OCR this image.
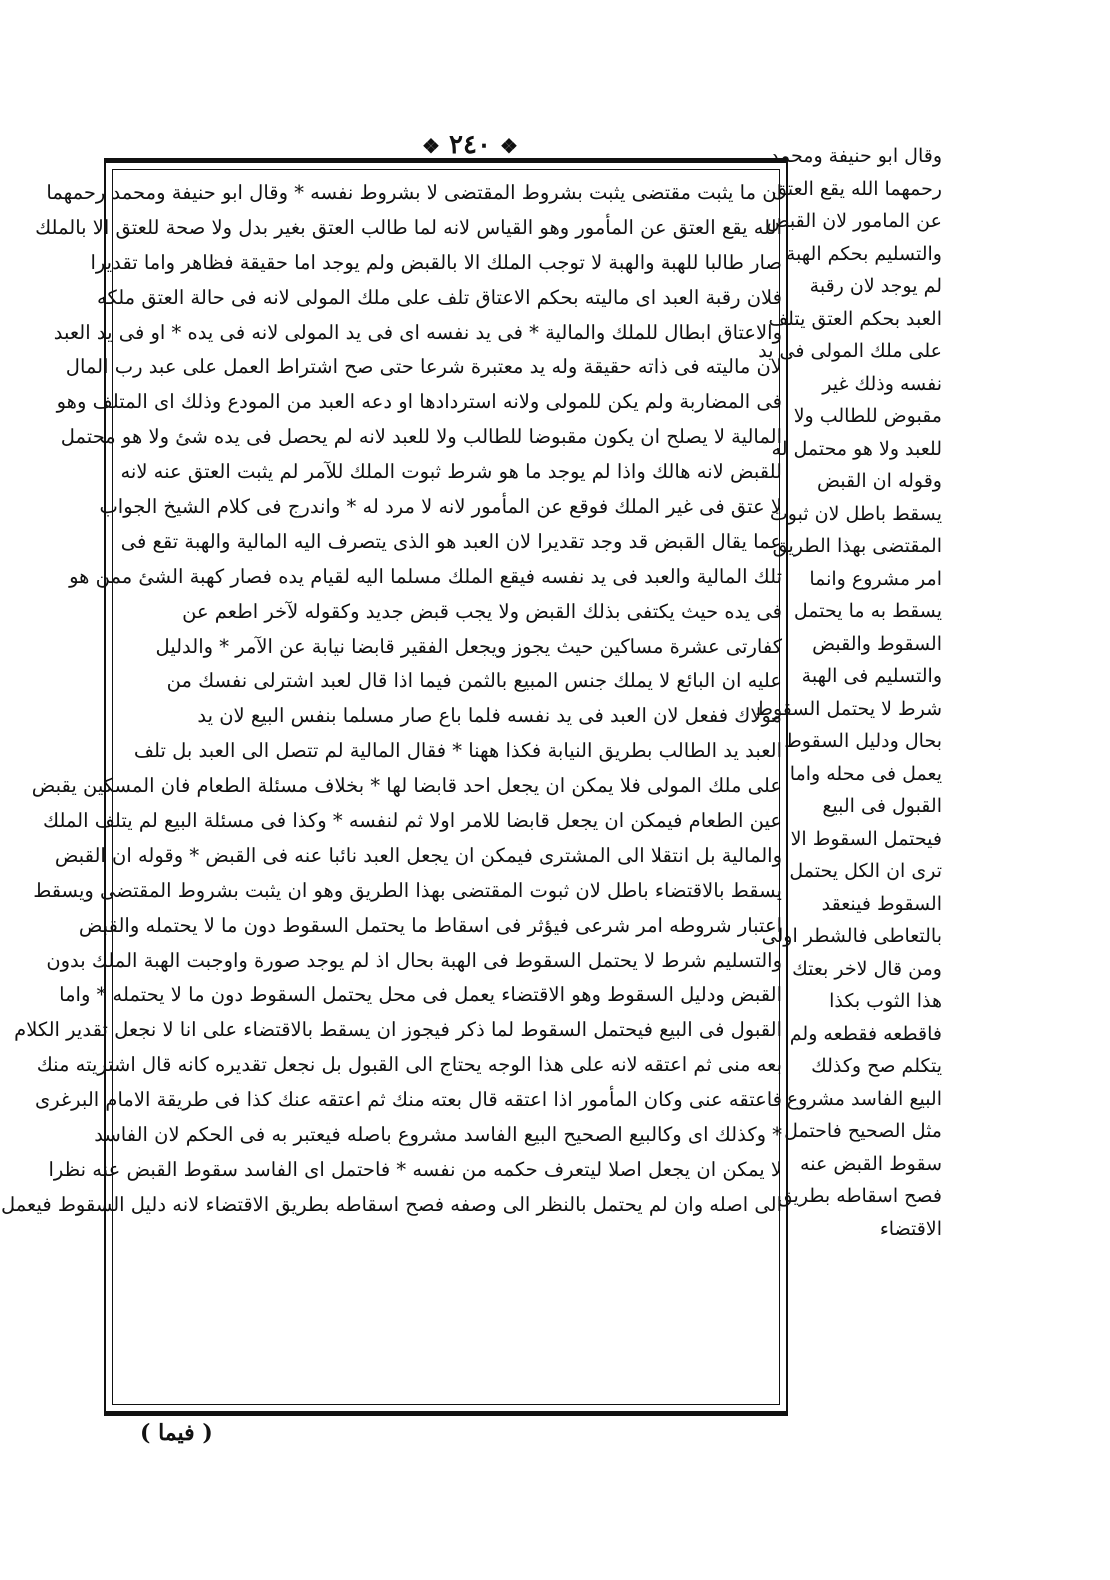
❖ ٢٤٠ ❖
ان ما يثبت مقتضى يثبت بشروط المقتضى لا بشروط نفسه * وقال ابو حنيفة ومحمد رحمهما
الله يقع العتق عن المأمور وهو القياس لانه لما طالب العتق بغير بدل ولا صحة للعتق الا بالملك
صار طالبا للهبة والهبة لا توجب الملك الا بالقبض ولم يوجد اما حقيقة فظاهر واما تقديرا
فلان رقبة العبد اى ماليته بحكم الاعتاق تلف على ملك المولى لانه فى حالة العتق ملكه
والاعتاق ابطال للملك والمالية * فى يد نفسه اى فى يد المولى لانه فى يده * او فى يد العبد
لان ماليته فى ذاته حقيقة وله يد معتبرة شرعا حتى صح اشتراط العمل على عبد رب المال
فى المضاربة ولم يكن للمولى ولانه استردادها او دعه العبد من المودع وذلك اى المتلف وهو
المالية لا يصلح ان يكون مقبوضا للطالب ولا للعبد لانه لم يحصل فى يده شئ ولا هو محتمل
للقبض لانه هالك واذا لم يوجد ما هو شرط ثبوت الملك للآمر لم يثبت العتق عنه لانه
لا عتق فى غير الملك فوقع عن المأمور لانه لا مرد له * واندرج فى كلام الشيخ الجواب
عما يقال القبض قد وجد تقديرا لان العبد هو الذى يتصرف اليه المالية والهبة تقع فى
تلك المالية والعبد فى يد نفسه فيقع الملك مسلما اليه لقيام يده فصار كهبة الشئ ممن هو
فى يده حيث يكتفى بذلك القبض ولا يجب قبض جديد وكقوله لآخر اطعم عن
كفارتى عشرة مساكين حيث يجوز ويجعل الفقير قابضا نيابة عن الآمر * والدليل
عليه ان البائع لا يملك جنس المبيع بالثمن فيما اذا قال لعبد اشترلى نفسك من
مولاك ففعل لان العبد فى يد نفسه فلما باع صار مسلما بنفس البيع لان يد
العبد يد الطالب بطريق النيابة فكذا ههنا * فقال المالية لم تتصل الى العبد بل تلف
على ملك المولى فلا يمكن ان يجعل احد قابضا لها * بخلاف مسئلة الطعام فان المسكين يقبض
عين الطعام فيمكن ان يجعل قابضا للامر اولا ثم لنفسه * وكذا فى مسئلة البيع لم يتلف الملك
والمالية بل انتقلا الى المشترى فيمكن ان يجعل العبد نائبا عنه فى القبض * وقوله ان القبض
يسقط بالاقتضاء باطل لان ثبوت المقتضى بهذا الطريق وهو ان يثبت بشروط المقتضى ويسقط
اعتبار شروطه امر شرعى فيؤثر فى اسقاط ما يحتمل السقوط دون ما لا يحتمله والقبض
والتسليم شرط لا يحتمل السقوط فى الهبة بحال اذ لم يوجد صورة واوجبت الهبة الملك بدون
القبض ودليل السقوط وهو الاقتضاء يعمل فى محل يحتمل السقوط دون ما لا يحتمله * واما
القبول فى البيع فيحتمل السقوط لما ذكر فيجوز ان يسقط بالاقتضاء على انا لا نجعل تقدير الكلام
بعه منى ثم اعتقه لانه على هذا الوجه يحتاج الى القبول بل نجعل تقديره كانه قال اشتريته منك
فاعتقه عنى وكان المأمور اذا اعتقه قال بعته منك ثم اعتقه عنك كذا فى طريقة الامام البرغرى
* وكذلك اى وكالبيع الصحيح البيع الفاسد مشروع باصله فيعتبر به فى الحكم لان الفاسد
لا يمكن ان يجعل اصلا ليتعرف حكمه من نفسه * فاحتمل اى الفاسد سقوط القبض عنه نظرا
الى اصله وان لم يحتمل بالنظر الى وصفه فصح اسقاطه بطريق الاقتضاء لانه دليل السقوط فيعمل
وقال ابو حنيفة ومحمد
رحمهما الله يقع العتق
عن المامور لان القبض
والتسليم بحكم الهبة
لم يوجد لان رقبة
العبد بحكم العتق يتلف
على ملك المولى فى يد
نفسه وذلك غير
مقبوض للطالب ولا
للعبد ولا هو محتمل له
وقوله ان القبض
يسقط باطل لان ثبوت
المقتضى بهذا الطريق
امر مشروع وانما
يسقط به ما يحتمل
السقوط والقبض
والتسليم فى الهبة
شرط لا يحتمل السقوط
بحال ودليل السقوط
يعمل فى محله واما
القبول فى البيع
فيحتمل السقوط الا
ترى ان الكل يحتمل
السقوط فينعقد
بالتعاطى فالشطر اولى
ومن قال لاخر بعتك
هذا الثوب بكذا
فاقطعه فقطعه ولم
يتكلم صح وكذلك
البيع الفاسد مشروع
مثل الصحيح فاحتمل
سقوط القبض عنه
فصح اسقاطه بطريق
الاقتضاء
( فيما )
